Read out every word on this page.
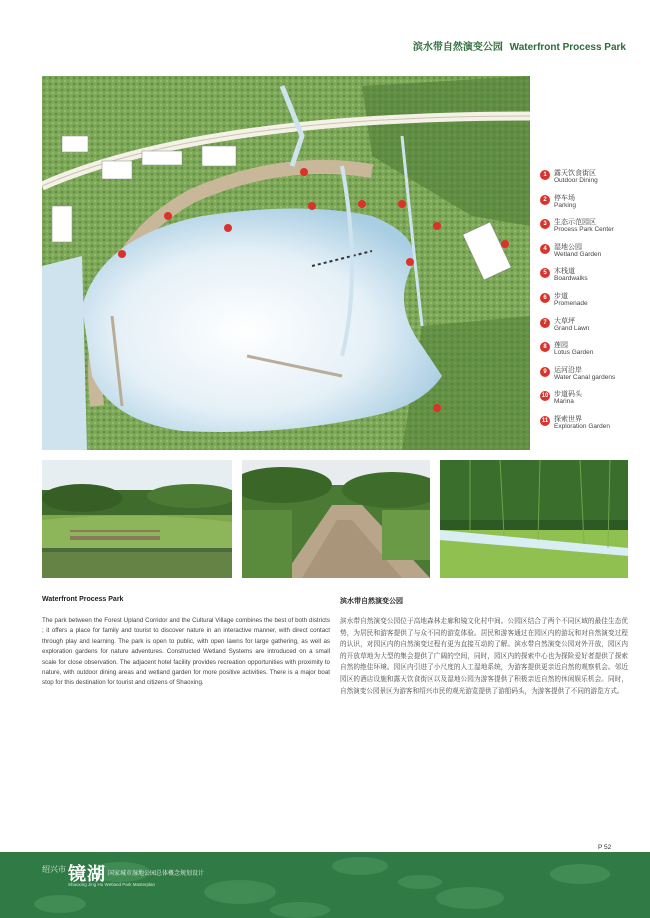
滨水带自然演变公园 Waterfront Process Park
1	露天饮食街区
Outdoor Dining
2	停车场
Parking
3	生态示范园区
Process Park Center
4	湿地公园
Wetland Garden
5	木栈道
Boardwalks
6	步道
Promenade
7	大草坪
Grand Lawn
8	莲园
Lotus Garden
9	运河沿岸
Water Canal gardens
10 步道码头
Marina
11 探索世界
Exploration Garden
Waterfront Process Park	滨水带自然演变公园
The park between the Forest Upland Corridor and the Cultural Village combines the best of both districts ; it offers a place for family and tourist to discover nature in an interactive manner, with direct contact through play and learning. The park is open to public, with open lawns for large gathering, as well as exploration gardens for nature adventures. Constructed Wetland Systems are introduced on a small scale for close observation. The adjacent hotel facility provides recreation opportunities with proximity to nature, with outdoor dining areas and wetland garden for more positive activities. There is a major boat stop for this destination for tourist and citizens of Shaoxing.
滨水带自然演变公园位于高地森林走廊和镜文化村中间。公园区结合了两个不同区域的最佳生态优势，为居民和游客提供了与众不同的游览体验。居民和游客通过在园区内的游玩和对自然演变过程的认识，对园区内的自然演变过程有更为直接互动的了解。滨水带自然演变公园对外开放，园区内的开放草地为大型的集会提供了广阔的空间，同时，园区内的探索中心也为探险爱好者提供了探索自然的绝佳环境。园区内引进了小尺度的人工湿地系统，为游客提供更亲近自然的观察机会。邻近园区的酒店设施和露天饮食街区以及湿地公园为游客提供了积极亲近自然的休闲娱乐机会。同时，自然演变公园景区为游客和绍兴市民的观光游览提供了游船码头，为游客提供了不同的游览方式。
P 52
绍兴市 镜湖 国家城市湿地公园总体概念规划设计
Shaoxing Jing Hu Wetland Park Masterplan
